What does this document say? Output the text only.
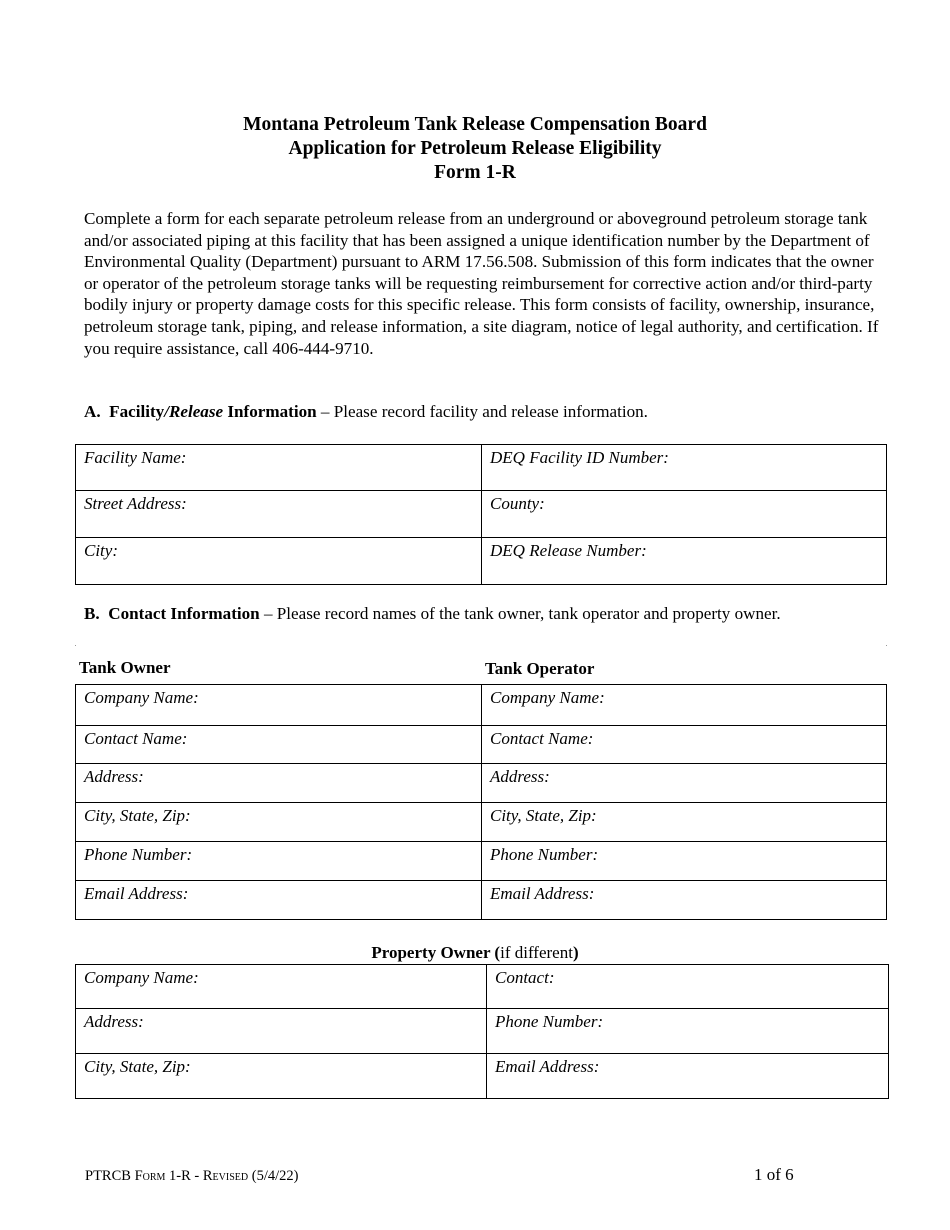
Montana Petroleum Tank Release Compensation Board
Application for Petroleum Release Eligibility
Form 1-R
Complete a form for each separate petroleum release from an underground or aboveground petroleum storage tank and/or associated piping at this facility that has been assigned a unique identification number by the Department of Environmental Quality (Department) pursuant to ARM 17.56.508. Submission of this form indicates that the owner or operator of the petroleum storage tanks will be requesting reimbursement for corrective action and/or third-party bodily injury or property damage costs for this specific release. This form consists of facility, ownership, insurance, petroleum storage tank, piping, and release information, a site diagram, notice of legal authority, and certification. If you require assistance, call 406-444-9710.
A. Facility/Release Information – Please record facility and release information.
Facility Name:	DEQ Facility ID Number:

Street Address:	County:

City:	DEQ Release Number:
B. Contact Information – Please record names of the tank owner, tank operator and property owner.
Tank Owner	Tank Operator
Company Name:	Company Name:

Contact Name:	Contact Name:

Address:	Address:

City, State, Zip:	City, State, Zip:

Phone Number:	Phone Number:

Email Address:	Email Address:
Property Owner (if different)
Company Name:	Contact:

Address:	Phone Number:

City, State, Zip:	Email Address:
PTRCB Form 1-R - Revised (5/4/22)	1 of 6
